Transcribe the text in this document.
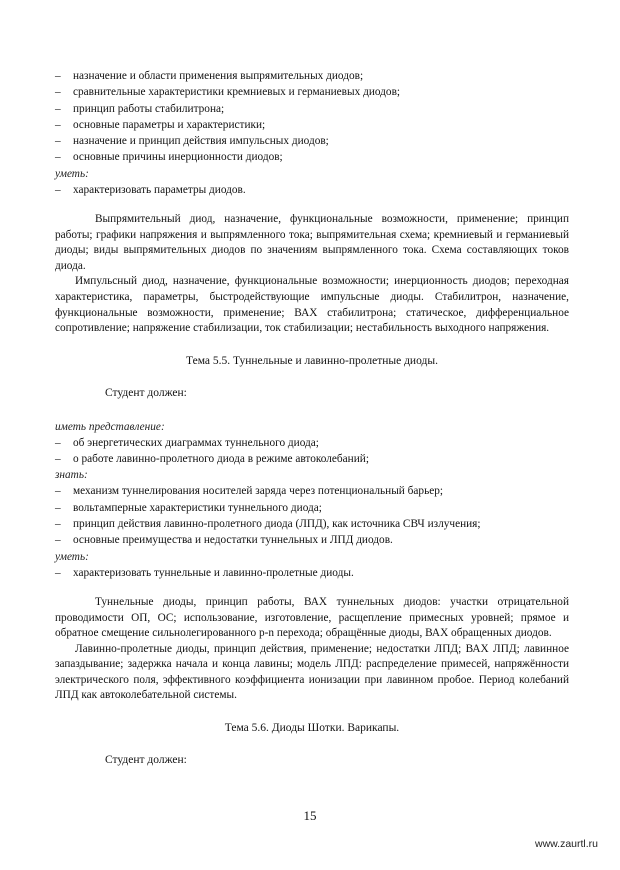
– назначение и области применения выпрямительных диодов;
– сравнительные характеристики кремниевых и германиевых диодов;
– принцип работы стабилитрона;
– основные параметры и характеристики;
– назначение и принцип действия импульсных диодов;
– основные причины инерционности диодов;
уметь:
– характеризовать параметры диодов.
Выпрямительный диод, назначение, функциональные возможности, применение; принцип работы; графики напряжения и выпрямленного тока; выпрямительная схема; кремниевый и германиевый диоды; виды выпрямительных диодов по значениям выпрямленного тока. Схема составляющих токов диода.
Импульсный диод, назначение, функциональные возможности; инерционность диодов; переходная характеристика, параметры, быстродействующие импульсные диоды. Стабилитрон, назначение, функциональные возможности, применение; ВАХ стабилитрона; статическое, дифференциальное сопротивление; напряжение стабилизации, ток стабилизации; нестабильность выходного напряжения.
Тема 5.5. Туннельные и лавинно-пролетные диоды.
Студент должен:
иметь представление:
– об энергетических диаграммах туннельного диода;
– о работе лавинно-пролетного диода в режиме автоколебаний;
знать:
– механизм туннелирования носителей заряда через потенциональный барьер;
– вольтамперные характеристики туннельного диода;
– принцип действия лавинно-пролетного диода (ЛПД), как источника СВЧ излучения;
– основные преимущества и недостатки туннельных и ЛПД диодов.
уметь:
– характеризовать туннельные и лавинно-пролетные диоды.
Туннельные диоды, принцип работы, ВАХ туннельных диодов: участки отрицательной проводимости ОП, ОС; использование, изготовление, расщепление примесных уровней; прямое и обратное смещение сильнолегированного p-n перехода; обращённые диоды, ВАХ обращенных диодов.
Лавинно-пролетные диоды, принцип действия, применение; недостатки ЛПД; ВАХ ЛПД; лавинное запаздывание; задержка начала и конца лавины; модель ЛПД: распределение примесей, напряжённости электрического поля, эффективного коэффициента ионизации при лавинном пробое. Период колебаний ЛПД как автоколебательной системы.
Тема 5.6. Диоды Шотки. Варикапы.
Студент должен:
15
www.zaurtl.ru
